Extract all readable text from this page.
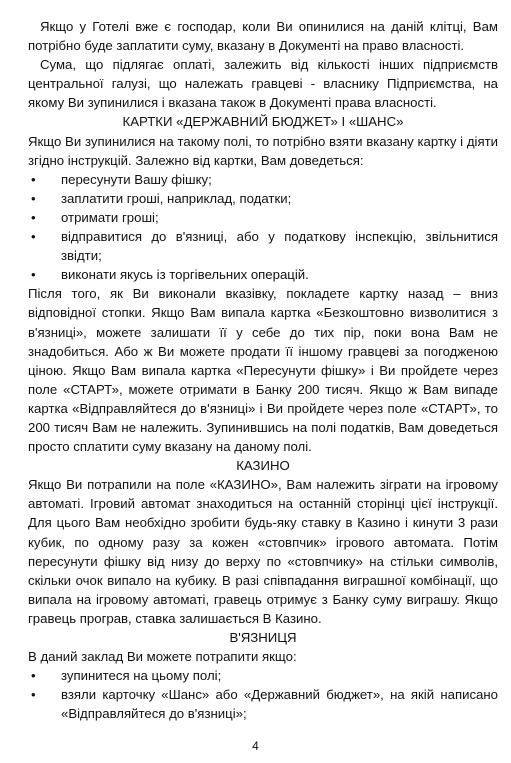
Якщо у Готелі вже є господар, коли Ви опинилися на даній клітці, Вам потрібно буде заплатити суму, вказану в Документі на право власності.

Сума, що підлягає оплаті, залежить від кількості інших підприємств центральної галузі, що належать гравцеві - власнику Підприємства, на якому Ви зупинилися і вказана також в Документі права власності.

КАРТКИ «ДЕРЖАВНИЙ БЮДЖЕТ» І «ШАНС»

Якщо Ви зупинилися на такому полі, то потрібно взяти вказану картку і діяти згідно інструкцій. Залежно від картки, Вам доведеться:

• пересунути Вашу фішку;
• заплатити гроші, наприклад, податки;
• отримати гроші;
• відправитися до в'язниці, або у податкову інспекцію, звільнитися звідти;
• виконати якусь із торгівельних операцій.

Після того, як Ви виконали вказівку, покладете картку назад – вниз відповідної стопки. Якщо Вам випала картка «Безкоштовно визволитися з в'язниці», можете залишати її у себе до тих пір, поки вона Вам не знадобиться. Або ж Ви можете продати її іншому гравцеві за погодженою ціною. Якщо Вам випала картка «Пересунути фішку» і Ви пройдете через поле «СТАРТ», можете отримати в Банку 200 тисяч. Якщо ж Вам випаде картка «Відправляйтеся до в'язниці» і Ви пройдете через поле «СТАРТ», то 200 тисяч Вам не належить. Зупинившись на полі податків, Вам доведеться просто сплатити суму вказану на даному полі.

КАЗИНО

Якщо Ви потрапили на поле «КАЗИНО», Вам належить зіграти на ігровому автоматі. Ігровий автомат знаходиться на останній сторінці цієї інструкції. Для цього Вам необхідно зробити будь-яку ставку в Казино і кинути 3 рази кубик, по одному разу за кожен «стовпчик» ігрового автомата. Потім пересунути фішку від низу до верху по «стовпчику» на стільки символів, скільки очок випало на кубику. В разі співпадання виграшної комбінації, що випала на ігровому автоматі, гравець отримує з Банку суму виграшу. Якщо гравець програв, ставка залишається В Казино.

В'ЯЗНИЦЯ

В даний заклад Ви можете потрапити якщо:

• зупинитеся на цьому полі;
• взяли карточку «Шанс» або «Державний бюджет», на якій написано «Відправляйтеся до в'язниці»;
4
